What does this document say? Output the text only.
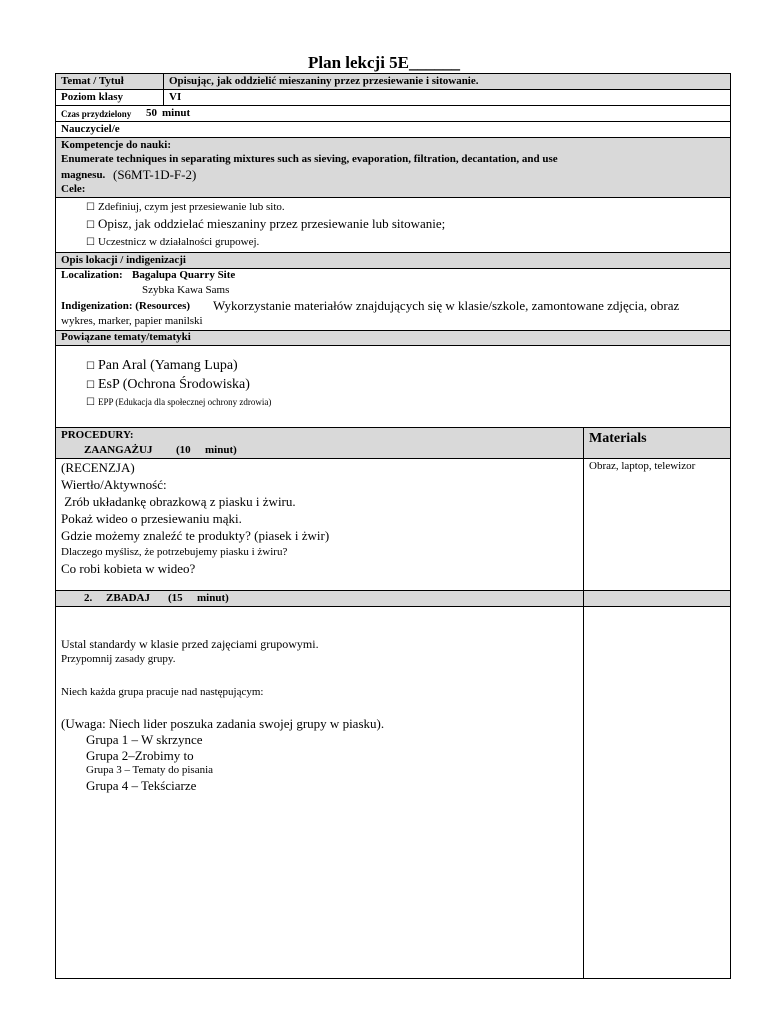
Plan lekcji 5E______
Temat / Tytuł	Opisując, jak oddzielić mieszaniny przez przesiewanie i sitowanie.
Poziom klasy	VI
Czas przydzielony 50 minut
Nauczyciel/e
Kompetencje do nauki:
Enumerate techniques in separating mixtures such as sieving, evaporation, filtration, decantation, and use
magnesu. (S6MT-1D-F-2)
Cele:
☐ Zdefiniuj, czym jest przesiewanie lub sito.
☐ Opisz, jak oddzielać mieszaniny przez przesiewanie lub sitowanie;
☐ Uczestnicz w działalności grupowej.
Opis lokacji / indigenizacji
Localization: Bagalupa Quarry Site
Szybka Kawa Sams
Indigenization: (Resources) Wykorzystanie materiałów znajdujących się w klasie/szkole, zamontowane zdjęcia, obraz
wykres, marker, papier manilski
Powiązane tematy/tematyki
☐ Pan Aral (Yamang Lupa)
☐ EsP (Ochrona Środowiska)
☐ EPP (Edukacja dla społecznej ochrony zdrowia)
PROCEDURY:
ZAANGAŻUJ (10 minut)
Materials
(RECENZJA)
Wiertło/Aktywność:
Zrób układankę obrazkową z piasku i żwiru.
Pokaż wideo o przesiewaniu mąki.
Gdzie możemy znaleźć te produkty? (piasek i żwir)
Dlaczego myślisz, że potrzebujemy piasku i żwiru?
Co robi kobieta w wideo?
Obraz, laptop, telewizor
2. ZBADAJ (15 minut)
Ustal standardy w klasie przed zajęciami grupowymi.
Przypomnij zasady grupy.
Niech każda grupa pracuje nad następującym:
(Uwaga: Niech lider poszuka zadania swojej grupy w piasku).
Grupa 1 – W skrzynce
Grupa 2–Zrobimy to
Grupa 3 – Tematy do pisania
Grupa 4 – Tekściarze
